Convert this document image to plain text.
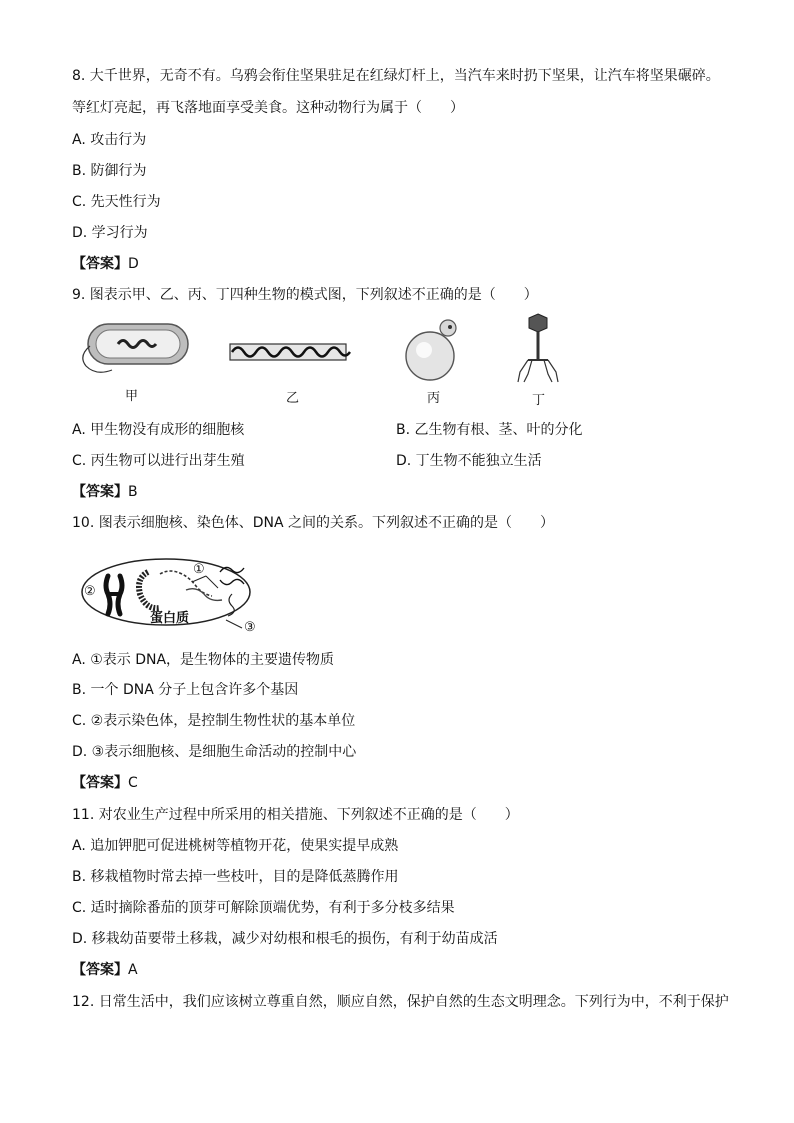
8. 大千世界，无奇不有。乌鸦会衔住坚果驻足在红绿灯杆上，当汽车来时扔下坚果，让汽车将坚果碾碎。
等红灯亮起，再飞落地面享受美食。这种动物行为属于（　　）
A. 攻击行为
B. 防御行为
C. 先天性行为
D. 学习行为
【答案】D
9. 图表示甲、乙、丙、丁四种生物的模式图，下列叙述不正确的是（　　）
甲	乙	丙	丁
A. 甲生物没有成形的细胞核	B. 乙生物有根、茎、叶的分化
C. 丙生物可以进行出芽生殖	D. 丁生物不能独立生活
【答案】B
10. 图表示细胞核、染色体、DNA 之间的关系。下列叙述不正确的是（　　）
①
②
③
蛋白质
A. ①表示 DNA，是生物体的主要遗传物质
B. 一个 DNA 分子上包含许多个基因
C. ②表示染色体，是控制生物性状的基本单位
D. ③表示细胞核、是细胞生命活动的控制中心
【答案】C
11. 对农业生产过程中所采用的相关措施、下列叙述不正确的是（　　）
A. 追加钾肥可促进桃树等植物开花，使果实提早成熟
B. 移栽植物时常去掉一些枝叶，目的是降低蒸腾作用
C. 适时摘除番茄的顶芽可解除顶端优势，有利于多分枝多结果
D. 移栽幼苗要带土移栽，减少对幼根和根毛的损伤，有利于幼苗成活
【答案】A
12. 日常生活中，我们应该树立尊重自然，顺应自然，保护自然的生态文明理念。下列行为中，不利于保护
